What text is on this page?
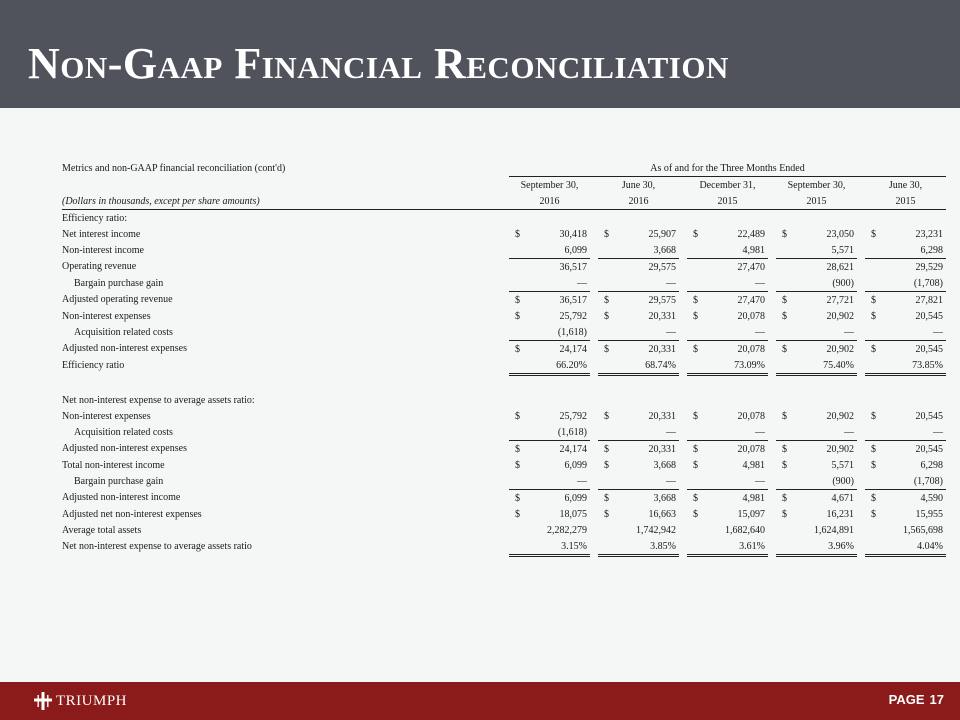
Non-Gaap Financial Reconciliation
Metrics and non-GAAP financial reconciliation (cont'd)	As of and for the Three Months Ended													
	September 30,			June 30,			December 31,			September 30,			June 30,	
(Dollars in thousands, except per share amounts)	2016			2016			2015			2015			2015	
Efficiency ratio:														
Net interest income	$	30,418		$	25,907		$	22,489		$	23,050		$	23,231
Non-interest income		6,099			3,668			4,981			5,571			6,298
Operating revenue		36,517			29,575			27,470			28,621			29,529
Bargain purchase gain		—			—			—			(900)			(1,708)
Adjusted operating revenue	$	36,517		$	29,575		$	27,470		$	27,721		$	27,821
Non-interest expenses	$	25,792		$	20,331		$	20,078		$	20,902		$	20,545
Acquisition related costs		(1,618)			—			—			—			—
Adjusted non-interest expenses	$	24,174		$	20,331		$	20,078		$	20,902		$	20,545
Efficiency ratio		66.20%			68.74%			73.09%			75.40%			73.85%

Net non-interest expense to average assets ratio:														
Non-interest expenses	$	25,792		$	20,331		$	20,078		$	20,902		$	20,545
Acquisition related costs		(1,618)			—			—			—			—
Adjusted non-interest expenses	$	24,174		$	20,331		$	20,078		$	20,902		$	20,545
Total non-interest income	$	6,099		$	3,668		$	4,981		$	5,571		$	6,298
Bargain purchase gain		—			—			—			(900)			(1,708)
Adjusted non-interest income	$	6,099		$	3,668		$	4,981		$	4,671		$	4,590
Adjusted net non-interest expenses	$	18,075		$	16,663		$	15,097		$	16,231		$	15,955
Average total assets		2,282,279			1,742,942			1,682,640			1,624,891			1,565,698
Net non-interest expense to average assets ratio		3.15%			3.85%			3.61%			3.96%			4.04%
TRIUMPH	PAGE 17
